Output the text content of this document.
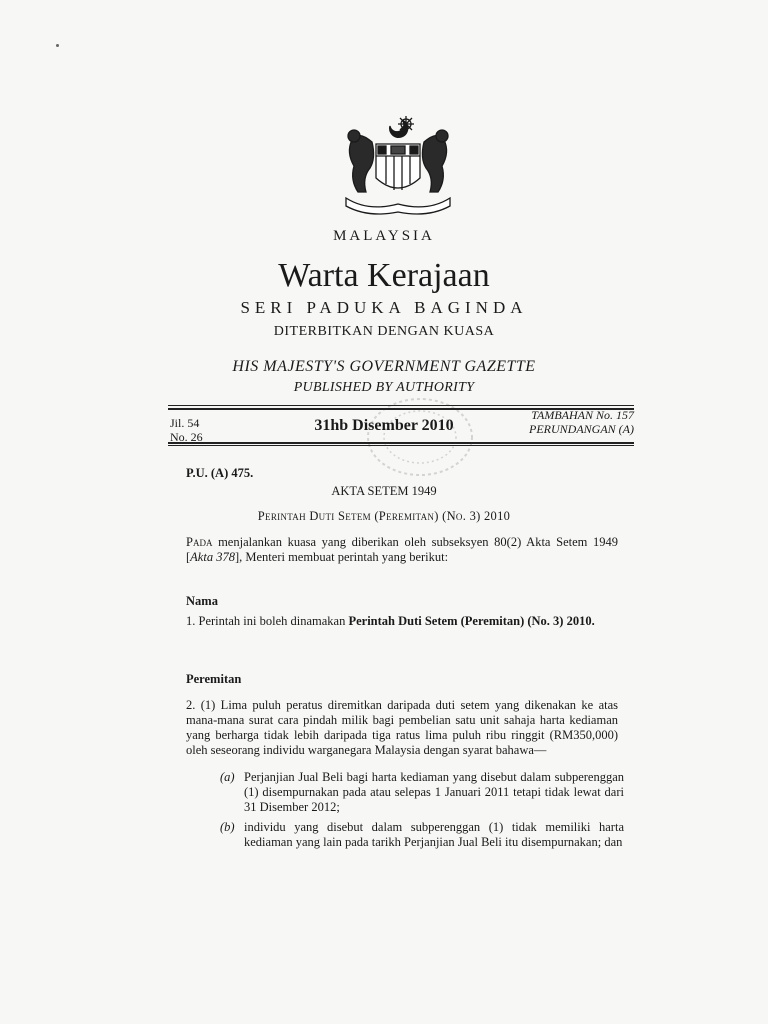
MALAYSIA
Warta Kerajaan
SERI PADUKA BAGINDA
DITERBITKAN DENGAN KUASA
HIS MAJESTY'S GOVERNMENT GAZETTE
PUBLISHED BY AUTHORITY
Jil. 54
No. 26
31hb Disember 2010
TAMBAHAN No. 157
PERUNDANGAN (A)
P.U. (A) 475.
AKTA SETEM 1949
Perintah Duti Setem (Peremitan) (No. 3) 2010
Pada menjalankan kuasa yang diberikan oleh subseksyen 80(2) Akta Setem 1949 [Akta 378], Menteri membuat perintah yang berikut:
Nama
1. Perintah ini boleh dinamakan Perintah Duti Setem (Peremitan) (No. 3) 2010.
Peremitan
2. (1) Lima puluh peratus diremitkan daripada duti setem yang dikenakan ke atas mana-mana surat cara pindah milik bagi pembelian satu unit sahaja harta kediaman yang berharga tidak lebih daripada tiga ratus lima puluh ribu ringgit (RM350,000) oleh seseorang individu warganegara Malaysia dengan syarat bahawa—
(a) Perjanjian Jual Beli bagi harta kediaman yang disebut dalam subperenggan (1) disempurnakan pada atau selepas 1 Januari 2011 tetapi tidak lewat dari 31 Disember 2012;
(b) individu yang disebut dalam subperenggan (1) tidak memiliki harta kediaman yang lain pada tarikh Perjanjian Jual Beli itu disempurnakan; dan
